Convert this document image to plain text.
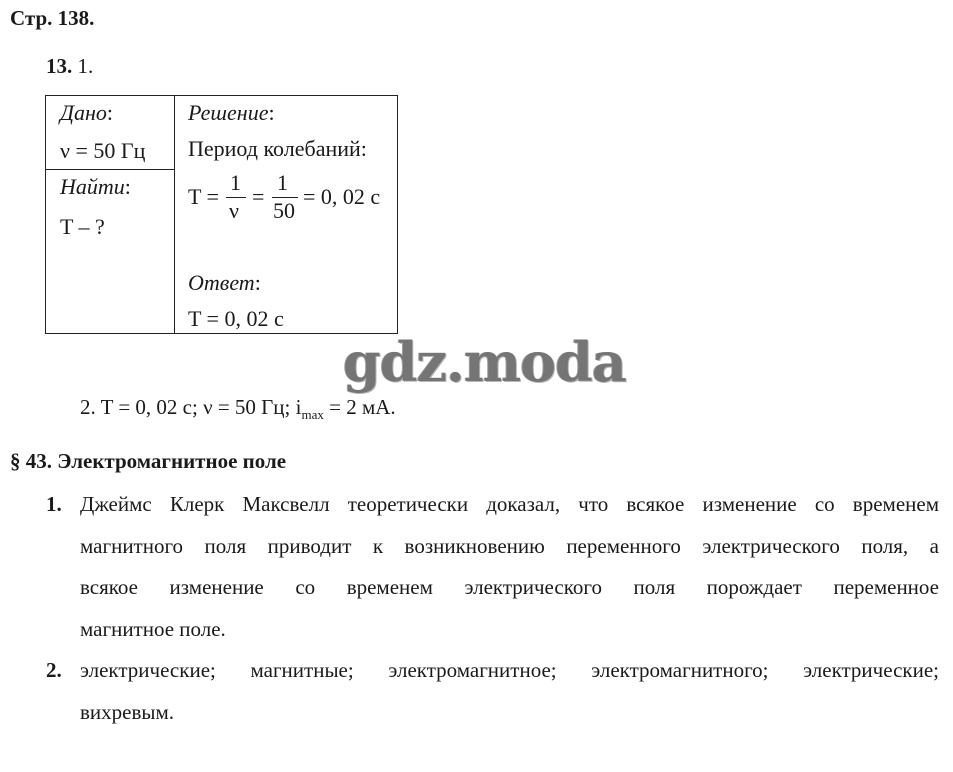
Стр. 138.
13. 1.
Дано:
ν = 50 Гц
Найти:
T – ?
Решение:
Период колебаний:
T =
1
ν
=
1
50
= 0, 02 с
Ответ:
T = 0, 02 с
gdz.moda
2. T = 0, 02 с; ν = 50 Гц; $i_{max} = 2$ мА.
§ 43. Электромагнитное поле
1. Джеймс Клерк Максвелл теоретически доказал, что всякое изменение со временем
магнитного поля приводит к возникновению переменного электрического поля, а
всякое изменение со временем электрического поля порождает переменное
магнитное поле.
2. электрические; магнитные; электромагнитное; электромагнитного; электрические;
вихревым.
